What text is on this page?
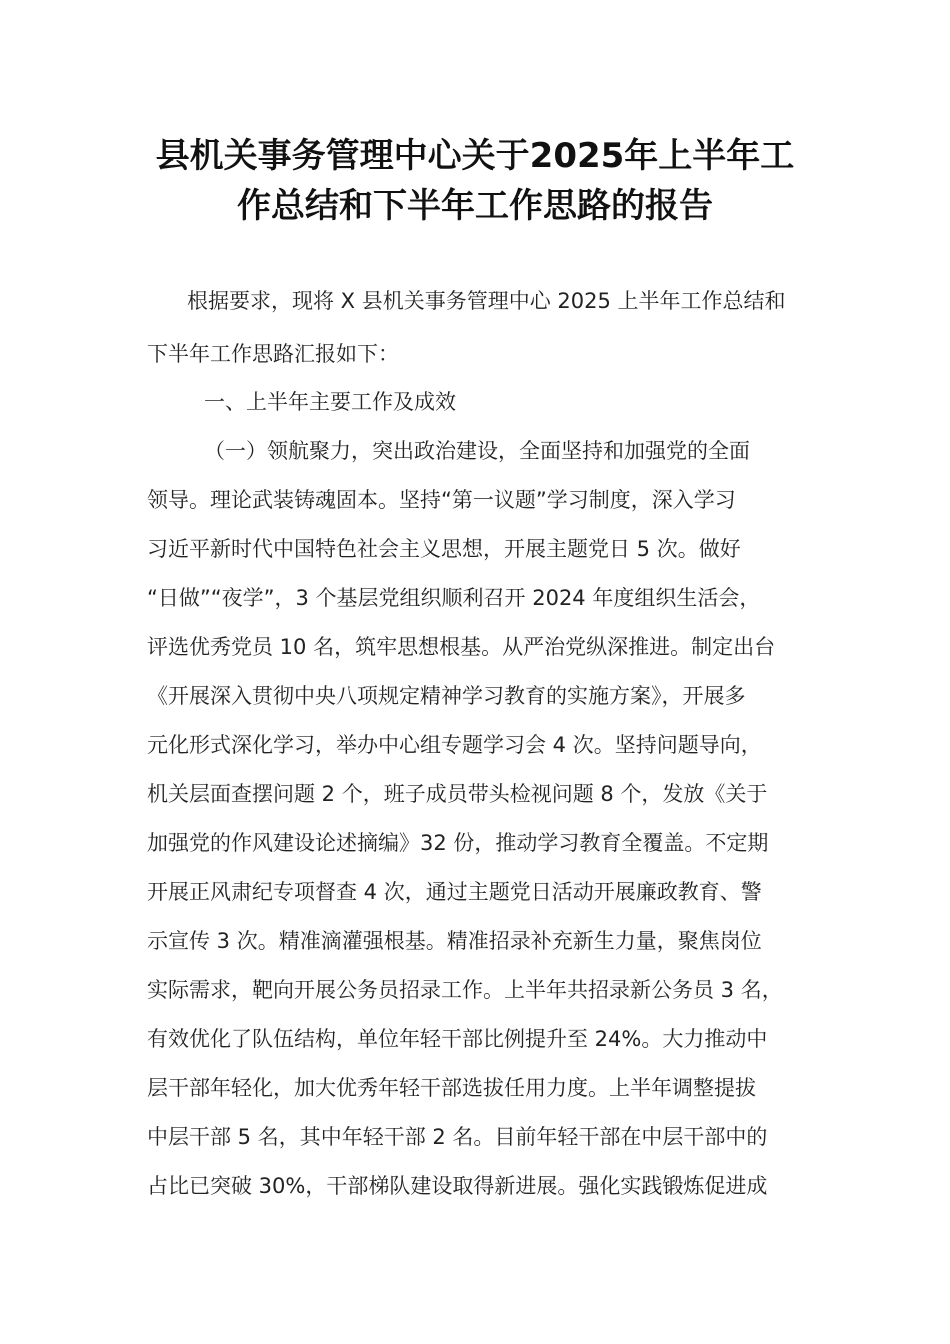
县机关事务管理中心关于2025年上半年工
作总结和下半年工作思路的报告

根据要求，现将 X 县机关事务管理中心 2025 上半年工作总结和

下半年工作思路汇报如下：

一、上半年主要工作及成效

（一）领航聚力，突出政治建设，全面坚持和加强党的全面

领导。理论武装铸魂固本。坚持“第一议题”学习制度，深入学习

习近平新时代中国特色社会主义思想，开展主题党日 5 次。做好

“日做”“夜学”，3 个基层党组织顺利召开 2024 年度组织生活会，

评选优秀党员 10 名，筑牢思想根基。从严治党纵深推进。制定出台

《开展深入贯彻中央八项规定精神学习教育的实施方案》，开展多

元化形式深化学习，举办中心组专题学习会 4 次。坚持问题导向，

机关层面查摆问题 2 个，班子成员带头检视问题 8 个，发放《关于

加强党的作风建设论述摘编》32 份，推动学习教育全覆盖。不定期

开展正风肃纪专项督查 4 次，通过主题党日活动开展廉政教育、警

示宣传 3 次。精准滴灌强根基。精准招录补充新生力量，聚焦岗位

实际需求，靶向开展公务员招录工作。上半年共招录新公务员 3 名，

有效优化了队伍结构，单位年轻干部比例提升至 24%。大力推动中

层干部年轻化，加大优秀年轻干部选拔任用力度。上半年调整提拔

中层干部 5 名，其中年轻干部 2 名。目前年轻干部在中层干部中的

占比已突破 30%，干部梯队建设取得新进展。强化实践锻炼促进成
